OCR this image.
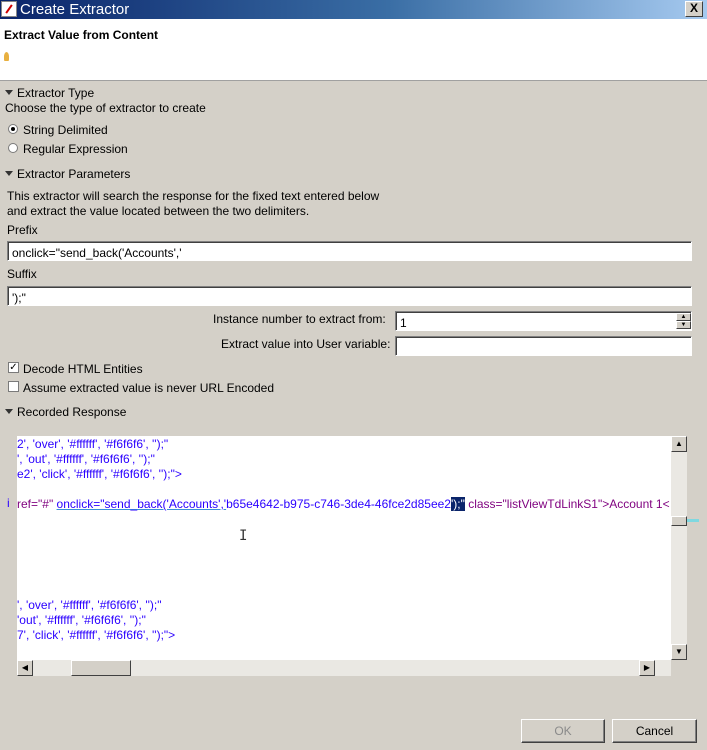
Create Extractor	X
Extract Value from Content
Extractor Type
Choose the type of extractor to create
String Delimited
Regular Expression
Extractor Parameters
This extractor will search the response for the fixed text entered below
and extract the value located between the two delimiters.
Prefix
onclick="send_back('Accounts','
Suffix
');"
Instance number to extract from:
1	▲
▼
Extract value into User variable:
✓ Decode HTML Entities
Assume extracted value is never URL Encoded
Recorded Response
i
2', 'over', '#ffffff', '#f6f6f6', '');"
', 'out', '#ffffff', '#f6f6f6', '');"
e2', 'click', '#ffffff', '#f6f6f6', '');">
ref="#" onclick="send_back('Accounts','b65e4642-b975-c746-3de4-46fce2d85ee2');" class="listViewTdLinkS1">Account 1<
', 'over', '#ffffff', '#f6f6f6', '');"
'out', '#ffffff', '#f6f6f6', '');"
7', 'click', '#ffffff', '#f6f6f6', '');">
I
▲
▼
◀	▶
OK	Cancel
